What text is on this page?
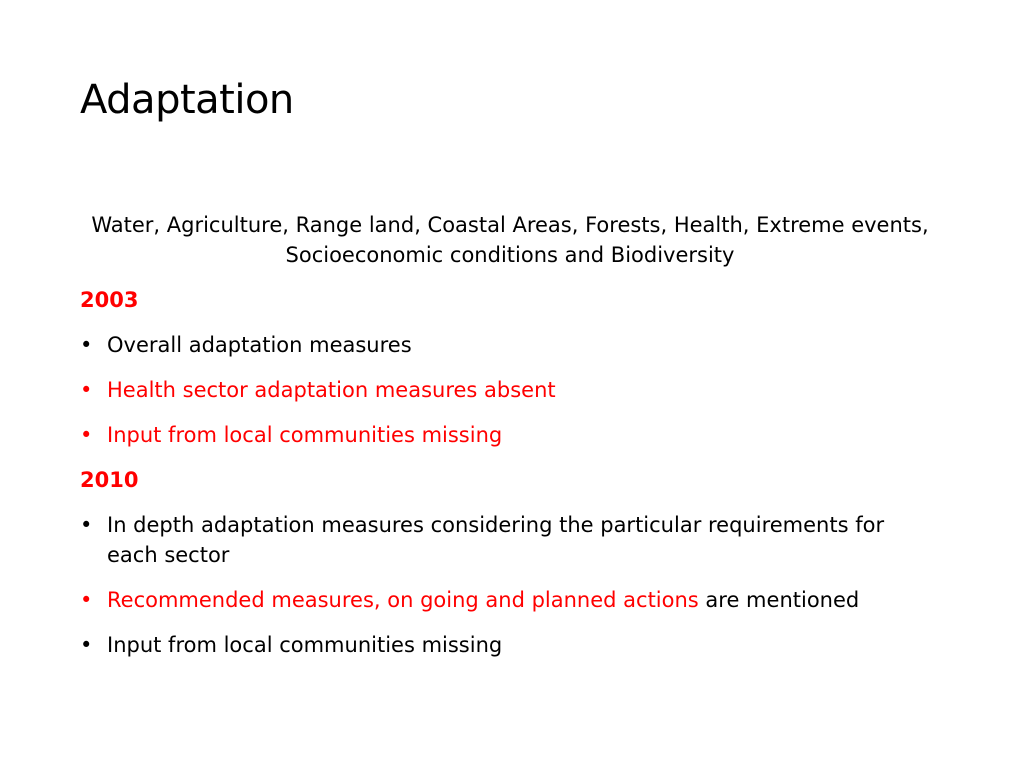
Adaptation

Water, Agriculture, Range land, Coastal Areas, Forests, Health, Extreme events, Socioeconomic conditions and Biodiversity

2003
• Overall adaptation measures
• Health sector adaptation measures absent
• Input from local communities missing
2010
• In depth adaptation measures considering the particular requirements for each sector
• Recommended measures, on going and planned actions are mentioned
• Input from local communities missing
